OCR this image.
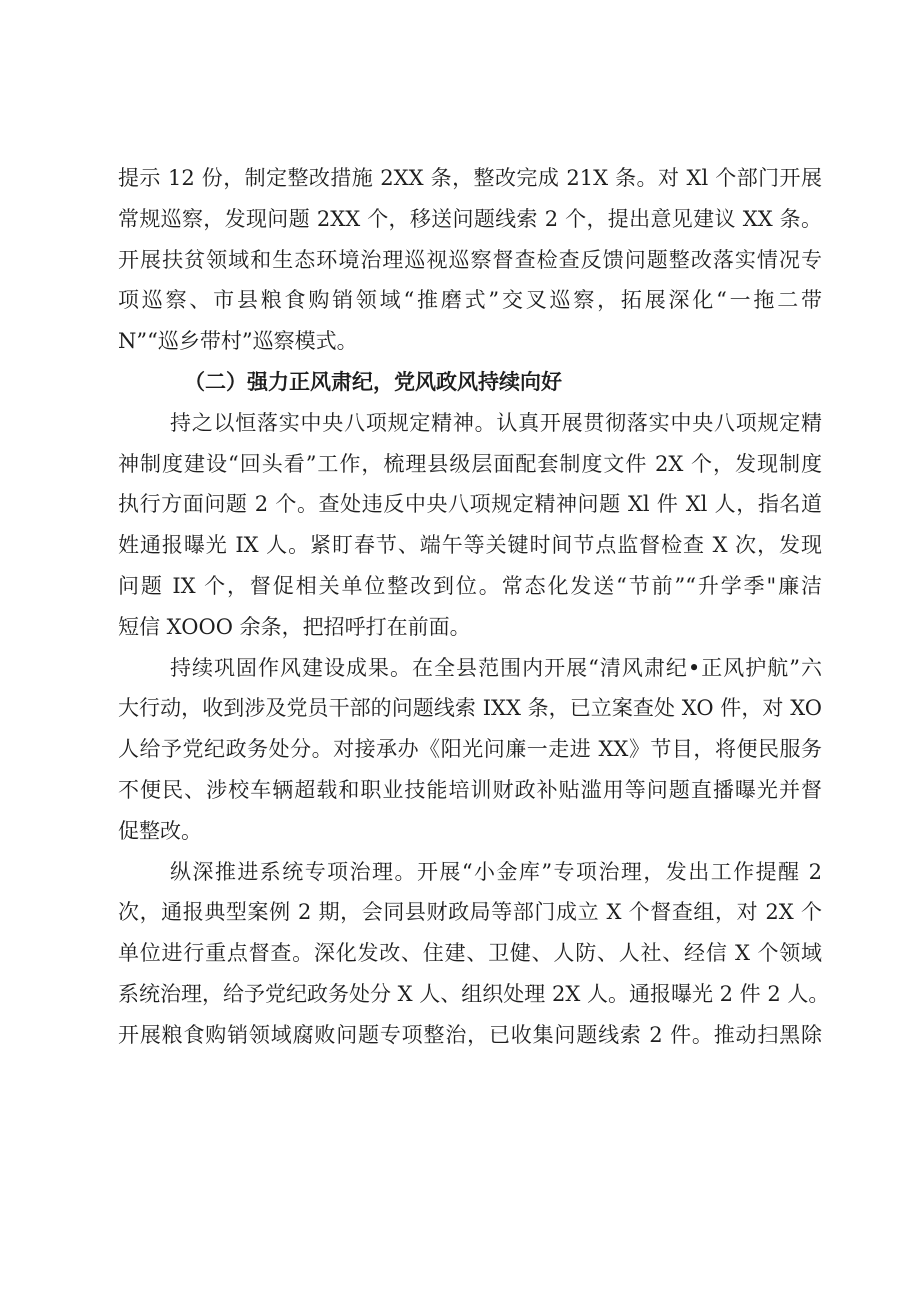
提示 12 份，制定整改措施 2XX 条，整改完成 21X 条。对 Xl 个部门开展
常规巡察，发现问题 2XX 个，移送问题线索 2 个，提出意见建议 XX 条。
开展扶贫领域和生态环境治理巡视巡察督查检查反馈问题整改落实情况专
项巡察、市县粮食购销领域“推磨式”交叉巡察，拓展深化“一拖二带
N”“巡乡带村”巡察模式。
（二）强力正风肃纪，党风政风持续向好
持之以恒落实中央八项规定精神。认真开展贯彻落实中央八项规定精
神制度建设“回头看”工作，梳理县级层面配套制度文件 2X 个，发现制度
执行方面问题 2 个。查处违反中央八项规定精神问题 Xl 件 Xl 人，指名道
姓通报曝光 IX 人。紧盯春节、端午等关键时间节点监督检查 X 次，发现
问题 IX 个，督促相关单位整改到位。常态化发送“节前”“升学季"廉洁
短信 XOOO 余条，把招呼打在前面。
持续巩固作风建设成果。在全县范围内开展“清风肃纪•正风护航”六
大行动，收到涉及党员干部的问题线索 IXX 条，已立案查处 XO 件，对 XO
人给予党纪政务处分。对接承办《阳光问廉一走进 XX》节目，将便民服务
不便民、涉校车辆超载和职业技能培训财政补贴滥用等问题直播曝光并督
促整改。
纵深推进系统专项治理。开展“小金库”专项治理，发出工作提醒 2
次，通报典型案例 2 期，会同县财政局等部门成立 X 个督查组，对 2X 个
单位进行重点督查。深化发改、住建、卫健、人防、人社、经信 X 个领域
系统治理，给予党纪政务处分 X 人、组织处理 2X 人。通报曝光 2 件 2 人。
开展粮食购销领域腐败问题专项整治，已收集问题线索 2 件。推动扫黑除
